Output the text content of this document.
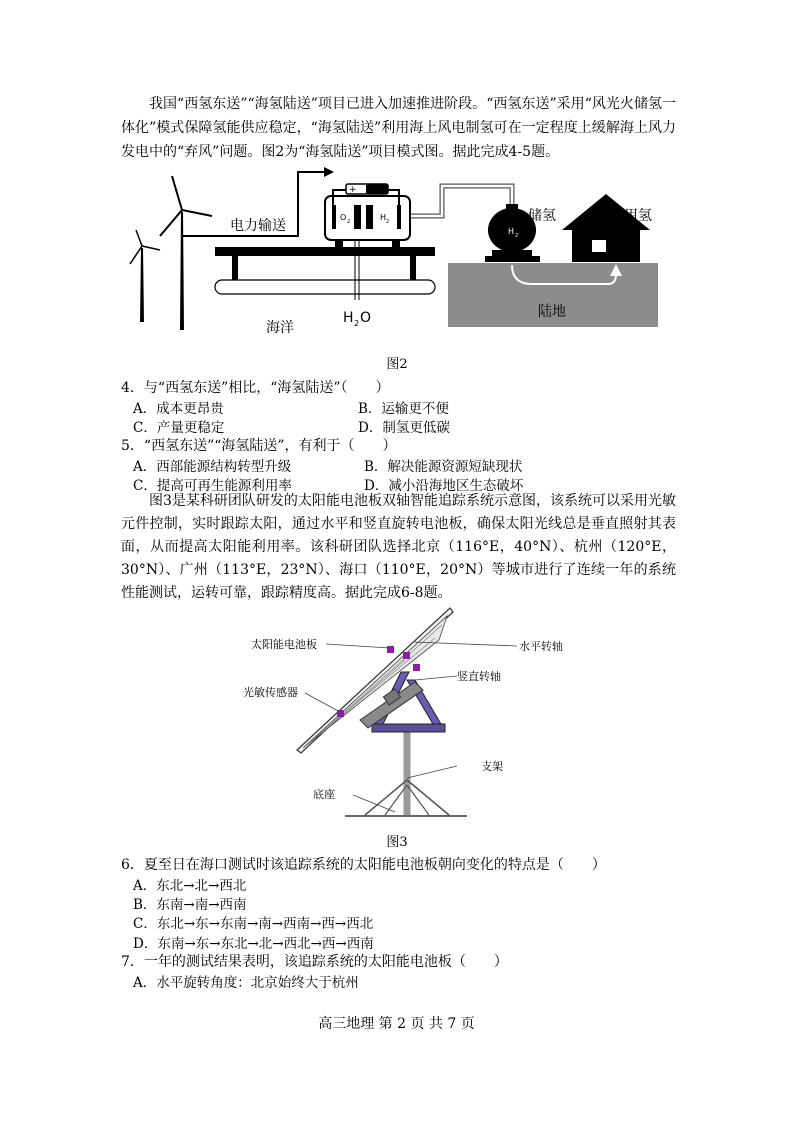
我国“西氢东送”“海氢陆送”项目已进入加速推进阶段。“西氢东送”采用“风光火储氢一体化”模式保障氢能供应稳定，“海氢陆送”利用海上风电制氢可在一定程度上缓解海上风力发电中的“弃风”问题。图2为“海氢陆送”项目模式图。据此完成4-5题。
H 2
O 2	H 2
+
电力输送
海洋
H 2 O
储氢	用氢
陆地
图2
4．与“西氢东送”相比，“海氢陆送”（　　）
A．成本更昂贵	B．运输更不便
C．产量更稳定	D．制氢更低碳
5．“西氢东送”“海氢陆送”，有利于（　　）
A．西部能源结构转型升级	B．解决能源资源短缺现状
C．提高可再生能源利用率	D．减小沿海地区生态破坏
图3是某科研团队研发的太阳能电池板双轴智能追踪系统示意图，该系统可以采用光敏元件控制，实时跟踪太阳，通过水平和竖直旋转电池板，确保太阳光线总是垂直照射其表面，从而提高太阳能利用率。该科研团队选择北京（116°E，40°N）、杭州（120°E，30°N）、广州（113°E，23°N）、海口（110°E，20°N）等城市进行了连续一年的系统性能测试，运转可靠，跟踪精度高。据此完成6-8题。
太阳能电池板	水平转轴
竖直转轴
光敏传感器
支架
底座
图3
6．夏至日在海口测试时该追踪系统的太阳能电池板朝向变化的特点是（　　）
A．东北→北→西北
B．东南→南→西南
C．东北→东→东南→南→西南→西→西北
D．东南→东→东北→北→西北→西→西南
7．一年的测试结果表明，该追踪系统的太阳能电池板（　　）
A．水平旋转角度：北京始终大于杭州
高三地理 第 2 页 共 7 页
